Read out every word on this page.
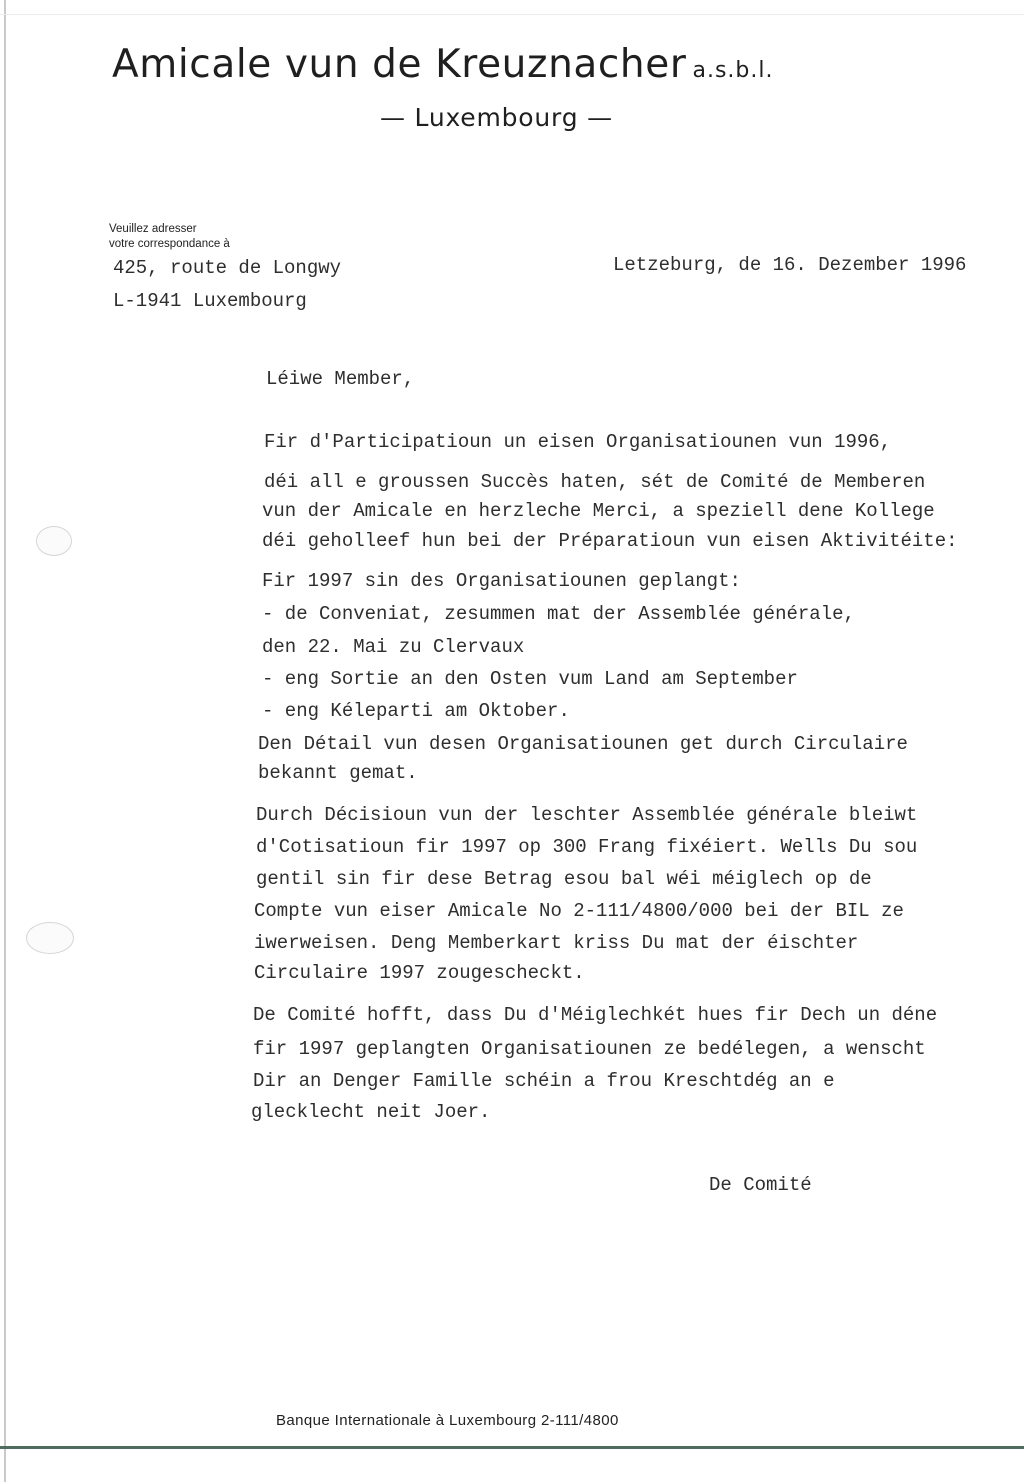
Amicale vun de Kreuznacher a.s.b.l.
— Luxembourg —
Veuillez adresser
votre correspondance à
425, route de Longwy
L-1941 Luxembourg
Letzeburg, de 16. Dezember 1996
Léiwe Member,
Fir d'Participatioun un eisen Organisatiounen vun 1996,
déi all e groussen Succès haten, sét de Comité de Memberen
vun der Amicale en herzleche Merci, a speziell dene Kollege
déi geholleef hun bei der Préparatioun vun eisen Aktivitéite:
Fir 1997 sin des Organisatiounen geplangt:
- de Conveniat, zesummen mat der Assemblée générale,
den 22. Mai zu Clervaux
- eng Sortie an den Osten vum Land am September
- eng Kéleparti am Oktober.
Den Détail vun desen Organisatiounen get durch Circulaire
bekannt gemat.
Durch Décisioun vun der leschter Assemblée générale bleiwt
d'Cotisatioun fir 1997 op 300 Frang fixéiert. Wells Du sou
gentil sin fir dese Betrag esou bal wéi méiglech op de
Compte vun eiser Amicale No 2-111/4800/000 bei der BIL ze
iwerweisen. Deng Memberkart kriss Du mat der éischter
Circulaire 1997 zougescheckt.
De Comité hofft, dass Du d'Méiglechkét hues fir Dech un déne
fir 1997 geplangten Organisatiounen ze bedélegen, a wenscht
Dir an Denger Famille schéin a frou Kreschtdég an e
glecklecht neit Joer.
De Comité
Banque Internationale à Luxembourg 2-111/4800
